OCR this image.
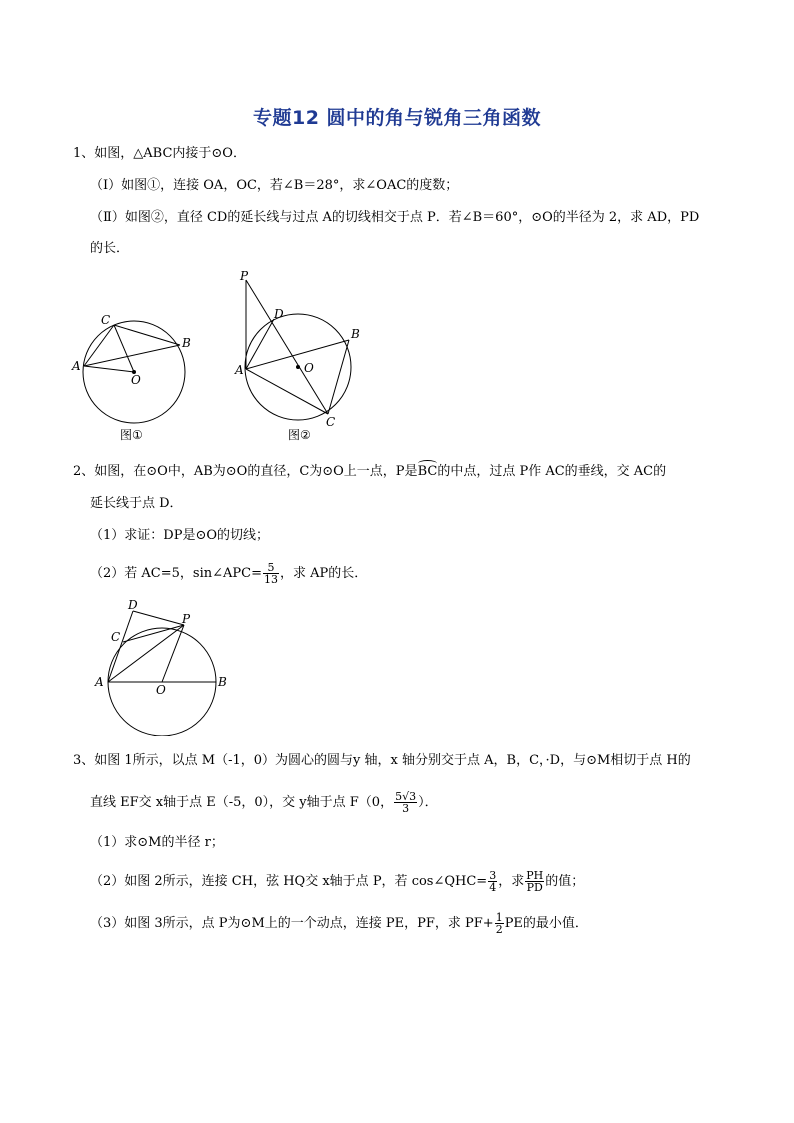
专题12 圆中的角与锐角三角函数
1、如图，△ABC内接于⊙O．
（Ⅰ）如图①，连接 OA，OC，若∠B＝28°，求∠OAC的度数；
（Ⅱ）如图②，直径 CD的延长线与过点 A的切线相交于点 P．若∠B＝60°，⊙O的半径为 2，求 AD，PD
的长．
A
C
B
O
图①
P
D
A
B
O
C
图②
2、如图，在⊙O中，AB为⊙O的直径，C为⊙O上一点，P是BC的中点，过点 P作 AC的垂线，交 AC的
延长线于点 D．
（1）求证：DP是⊙O的切线；
（2）若 AC=5，sin∠APC= $\frac{5}{13}$ ，求 AP的长．
A	B
C
D
O
P
3、如图 1所示，以点 M（-1，0）为圆心的圆与y 轴，x 轴分别交于点 A，B，C，·D，与⊙M相切于点 H的
直线 EF交 x轴于点 E（-5，0），交 y轴于点 F（0， $\frac{5√3}{3}$ ）．
（1）求⊙M的半径 r；
（2）如图 2所示，连接 CH，弦 HQ交 x轴于点 P，若 cos∠QHC= $\frac{3}{4}$ ，求 $\frac{PH}{PD}$ 的值；
（3）如图 3所示，点 P为⊙M上的一个动点，连接 PE，PF，求 $PF+ \frac{1}{2}$ PE的最小值．
